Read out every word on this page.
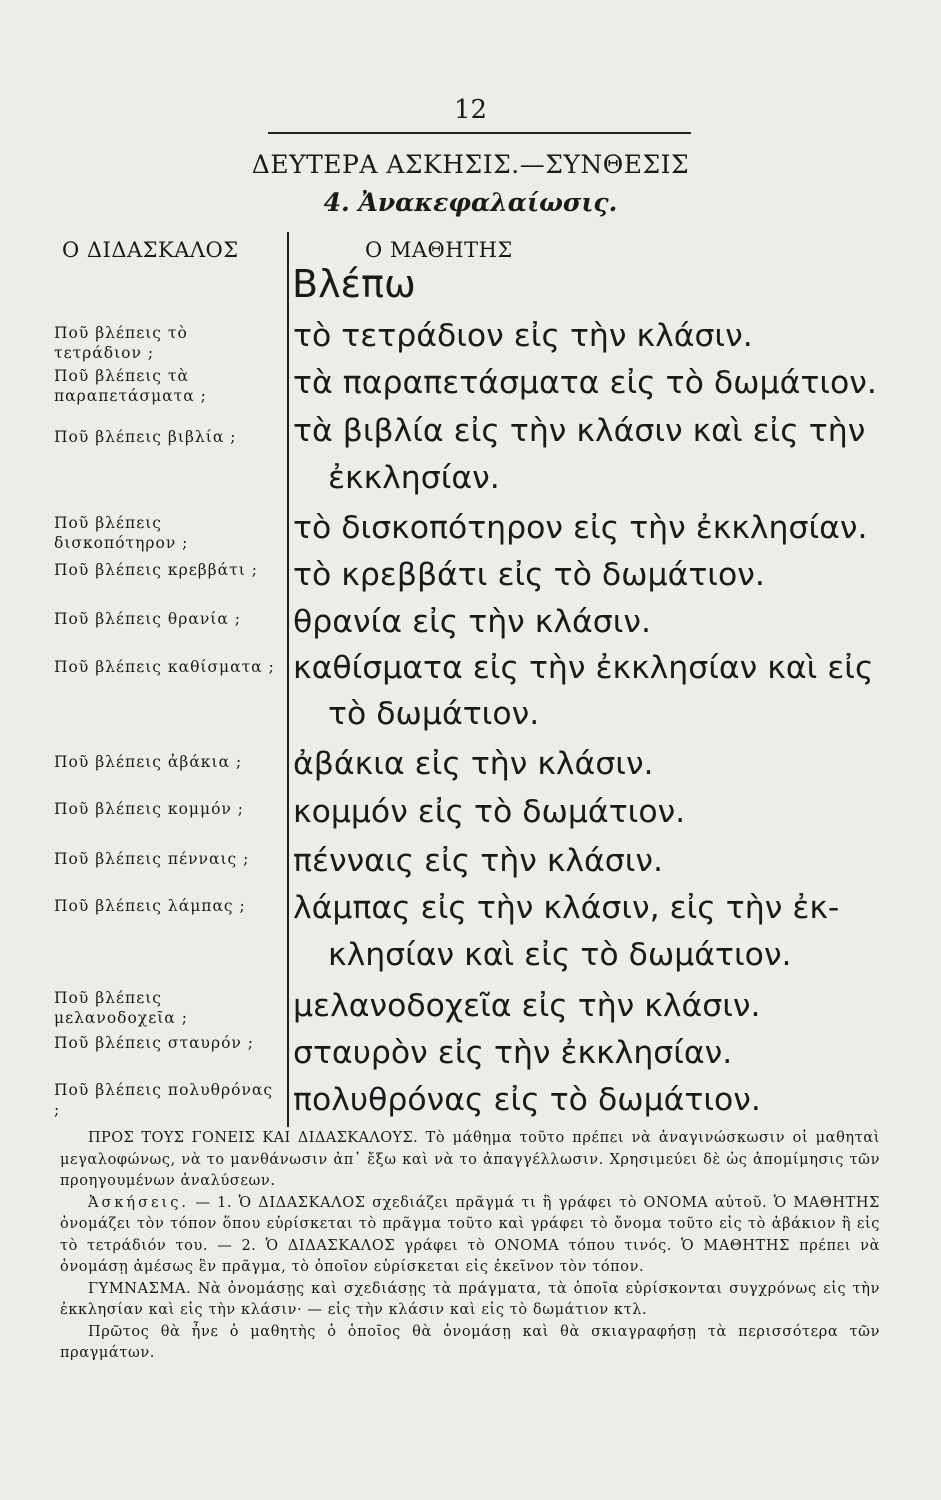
12
ΔΕΥΤΕΡΑ ΑΣΚΗΣΙΣ.—ΣΥΝΘΕΣΙΣ
4. Ἀνακεφαλαίωσις.
Ο ΔΙΔΑΣΚΑΛΟΣ	Ο ΜΑΘΗΤΗΣ
Βλέπω
Ποῦ βλέπεις τὸ τετράδιον ;
Ποῦ βλέπεις τὰ παραπετάσματα ;
Ποῦ βλέπεις βιβλία ;
Ποῦ βλέπεις δισκοπότηρον ;
Ποῦ βλέπεις κρεββάτι ;
Ποῦ βλέπεις θρανία ;
Ποῦ βλέπεις καθίσματα ;
Ποῦ βλέπεις ἀβάκια ;
Ποῦ βλέπεις κομμόν ;
Ποῦ βλέπεις πένναις ;
Ποῦ βλέπεις λάμπας ;
Ποῦ βλέπεις μελανοδοχεῖα ;
Ποῦ βλέπεις σταυρόν ;
Ποῦ βλέπεις πολυθρόνας ;
τὸ τετράδιον εἰς τὴν κλάσιν.
τὰ παραπετάσματα εἰς τὸ δωμάτιον.
τὰ βιβλία εἰς τὴν κλάσιν καὶ εἰς τὴν
ἐκκλησίαν.
τὸ δισκοπότηρον εἰς τὴν ἐκκλησίαν.
τὸ κρεββάτι εἰς τὸ δωμάτιον.
θρανία εἰς τὴν κλάσιν.
καθίσματα εἰς τὴν ἐκκλησίαν καὶ εἰς
τὸ δωμάτιον.
ἀβάκια εἰς τὴν κλάσιν.
κομμόν εἰς τὸ δωμάτιον.
πένναις εἰς τὴν κλάσιν.
λάμπας εἰς τὴν κλάσιν, εἰς τὴν ἐκ-
κλησίαν καὶ εἰς τὸ δωμάτιον.
μελανοδοχεῖα εἰς τὴν κλάσιν.
σταυρὸν εἰς τὴν ἐκκλησίαν.
πολυθρόνας εἰς τὸ δωμάτιον.

ΠΡΟΣ ΤΟΥΣ ΓΟΝΕΙΣ ΚΑΙ ΔΙΔΑΣΚΑΛΟΥΣ. Τὸ μάθημα τοῦτο πρέπει νὰ ἀναγινώσκωσιν οἱ μαθηταὶ μεγαλοφώνως, νὰ το μανθάνωσιν ἀπ᾽ ἔξω καὶ νὰ το ἀπαγγέλλωσιν. Χρησιμεύει δὲ ὡς ἀπομίμησις τῶν προηγουμένων ἀναλύσεων.

Ἀσκήσεις. — 1. Ὁ ΔΙΔΑΣΚΑΛΟΣ σχεδιάζει πρᾶγμά τι ἢ γράφει τὸ ΟΝΟΜΑ αὐτοῦ. Ὁ ΜΑΘΗΤΗΣ ὀνομάζει τὸν τόπον ὅπου εὑρίσκεται τὸ πρᾶγμα τοῦτο καὶ γράφει τὸ ὄνομα τοῦτο εἰς τὸ ἀβάκιον ἢ εἰς τὸ τετράδιόν του. — 2. Ὁ ΔΙΔΑΣΚΑΛΟΣ γράφει τὸ ΟΝΟΜΑ τόπου τινός. Ὁ ΜΑΘΗΤΗΣ πρέπει νὰ ὀνομάσῃ ἀμέσως ἓν πρᾶγμα, τὸ ὁποῖον εὑρίσκεται εἰς ἐκεῖνον τὸν τόπον.

ΓΥΜΝΑΣΜΑ. Νὰ ὀνομάσῃς καὶ σχεδιάσῃς τὰ πράγματα, τὰ ὁποῖα εὑρίσκονται συγχρόνως εἰς τὴν ἐκκλησίαν καὶ εἰς τὴν κλάσιν· — εἰς τὴν κλάσιν καὶ εἰς τὸ δωμάτιον κτλ.

Πρῶτος θὰ ἦνε ὁ μαθητὴς ὁ ὁποῖος θὰ ὀνομάσῃ καὶ θὰ σκιαγραφήσῃ τὰ περισσότερα τῶν πραγμάτων.
